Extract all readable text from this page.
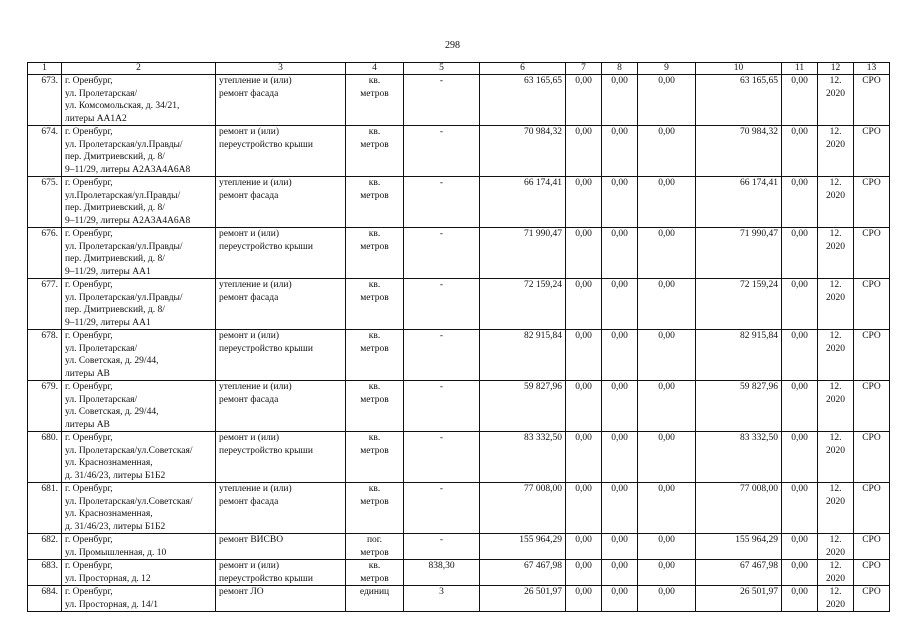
298
1	2	3	4	5	6	7	8	9	10	11	12	13
673.	г. Оренбург,
ул. Пролетарская/
ул. Комсомольская, д. 34/21,
литеры АА1А2	утепление и (или)
ремонт фасада	кв.
метров	-	63 165,65	0,00	0,00	0,00	63 165,65	0,00	12.
2020	СРО
674.	г. Оренбург,
ул. Пролетарская/ул.Правды/
пер. Дмитриевский, д. 8/
9–11/29, литеры А2А3А4А6А8	ремонт и (или)
переустройство крыши	кв.
метров	-	70 984,32	0,00	0,00	0,00	70 984,32	0,00	12.
2020	СРО
675.	г. Оренбург,
ул.Пролетарская/ул.Правды/
пер. Дмитриевский, д. 8/
9–11/29, литеры А2А3А4А6А8	утепление и (или)
ремонт фасада	кв.
метров	-	66 174,41	0,00	0,00	0,00	66 174,41	0,00	12.
2020	СРО
676.	г. Оренбург,
ул. Пролетарская/ул.Правды/
пер. Дмитриевский, д. 8/
9–11/29, литеры АА1	ремонт и (или)
переустройство крыши	кв.
метров	-	71 990,47	0,00	0,00	0,00	71 990,47	0,00	12.
2020	СРО
677.	г. Оренбург,
ул. Пролетарская/ул.Правды/
пер. Дмитриевский, д. 8/
9–11/29, литеры АА1	утепление и (или)
ремонт фасада	кв.
метров	-	72 159,24	0,00	0,00	0,00	72 159,24	0,00	12.
2020	СРО
678.	г. Оренбург,
ул. Пролетарская/
ул. Советская, д. 29/44,
литеры АВ	ремонт и (или)
переустройство крыши	кв.
метров	-	82 915,84	0,00	0,00	0,00	82 915,84	0,00	12.
2020	СРО
679.	г. Оренбург,
ул. Пролетарская/
ул. Советская, д. 29/44,
литеры АВ	утепление и (или)
ремонт фасада	кв.
метров	-	59 827,96	0,00	0,00	0,00	59 827,96	0,00	12.
2020	СРО
680.	г. Оренбург,
ул. Пролетарская/ул.Советская/
ул. Краснознаменная,
д. 31/46/23, литеры Б1Б2	ремонт и (или)
переустройство крыши	кв.
метров	-	83 332,50	0,00	0,00	0,00	83 332,50	0,00	12.
2020	СРО
681.	г. Оренбург,
ул. Пролетарская/ул.Советская/
ул. Краснознаменная,
д. 31/46/23, литеры Б1Б2	утепление и (или)
ремонт фасада	кв.
метров	-	77 008,00	0,00	0,00	0,00	77 008,00	0,00	12.
2020	СРО
682.	г. Оренбург,
ул. Промышленная, д. 10	ремонт ВИСВО	пог.
метров	-	155 964,29	0,00	0,00	0,00	155 964,29	0,00	12.
2020	СРО
683.	г. Оренбург,
ул. Просторная, д. 12	ремонт и (или)
переустройство крыши	кв.
метров	838,30	67 467,98	0,00	0,00	0,00	67 467,98	0,00	12.
2020	СРО
684.	г. Оренбург,
ул. Просторная, д. 14/1	ремонт ЛО	единиц	3	26 501,97	0,00	0,00	0,00	26 501,97	0,00	12.
2020	СРО
